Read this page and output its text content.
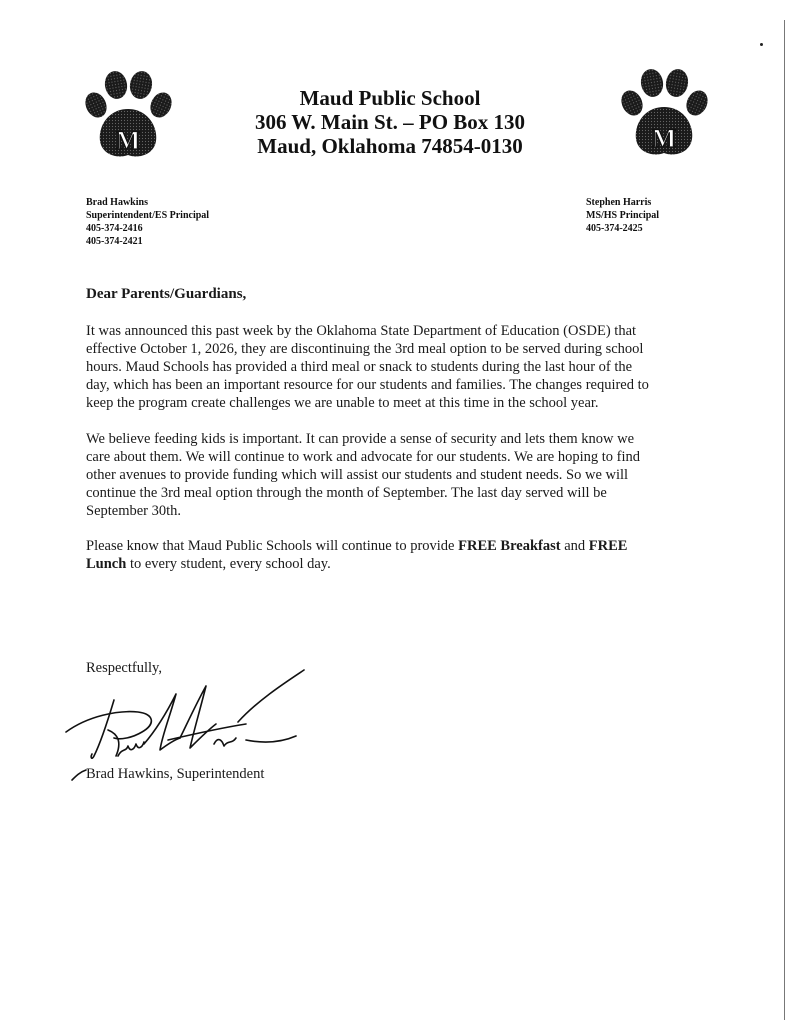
M
Maud Public School
306 W. Main St. – PO Box 130
Maud, Oklahoma 74854-0130	M
Brad Hawkins
Superintendent/ES Principal
405-374-2416
405-374-2421
Stephen Harris
MS/HS Principal
405-374-2425
Dear Parents/Guardians,
It was announced this past week by the Oklahoma State Department of Education (OSDE) that
effective October 1, 2026, they are discontinuing the 3rd meal option to be served during school
hours. Maud Schools has provided a third meal or snack to students during the last hour of the
day, which has been an important resource for our students and families. The changes required to
keep the program create challenges we are unable to meet at this time in the school year.
We believe feeding kids is important. It can provide a sense of security and lets them know we
care about them. We will continue to work and advocate for our students. We are hoping to find
other avenues to provide funding which will assist our students and student needs. So we will
continue the 3rd meal option through the month of September. The last day served will be
September 30th.
Please know that Maud Public Schools will continue to provide FREE Breakfast and FREE
Lunch to every student, every school day.
Respectfully,
Brad Hawkins, Superintendent
